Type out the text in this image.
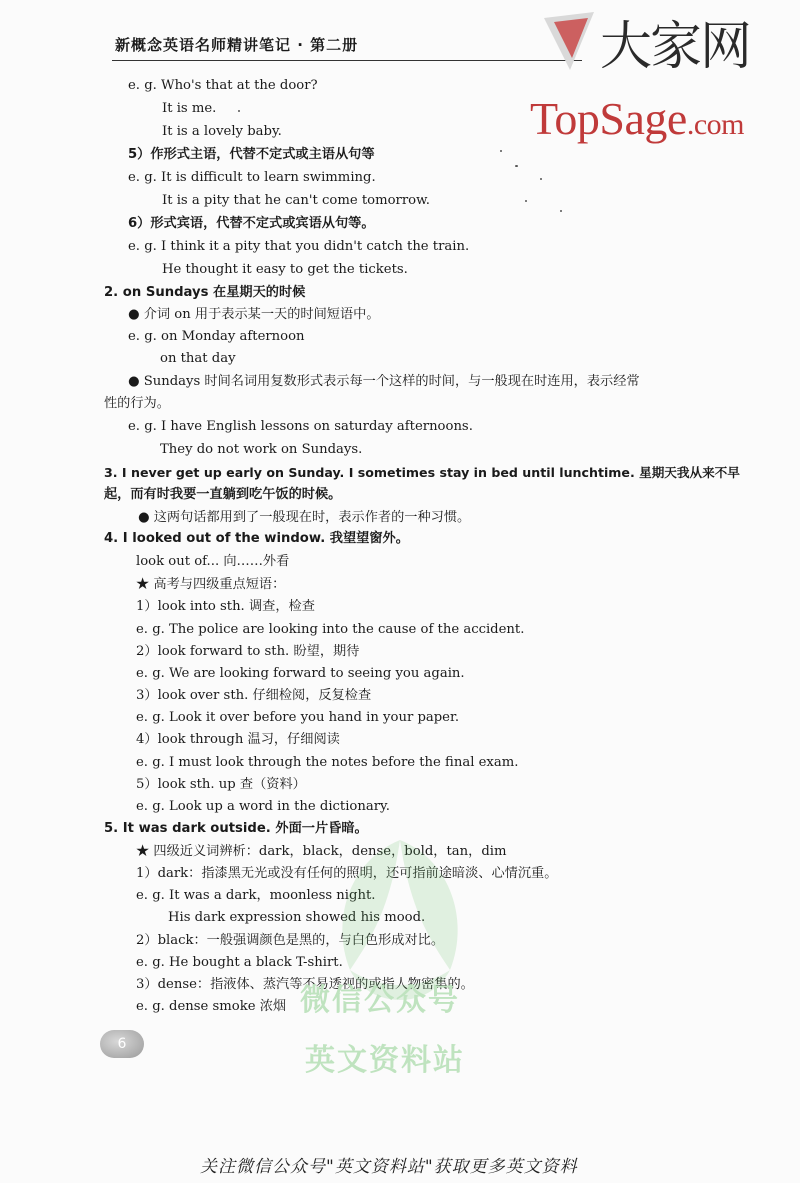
新概念英语名师精讲笔记 · 第二册	大家网
TopSage.com
e. g. Who's that at the door?
It is me.
It is a lovely baby.
5）作形式主语，代替不定式或主语从句等
e. g. It is difficult to learn swimming.
It is a pity that he can't come tomorrow.
6）形式宾语，代替不定式或宾语从句等。
e. g. I think it a pity that you didn't catch the train.
He thought it easy to get the tickets.
2. on Sundays 在星期天的时候
● 介词 on 用于表示某一天的时间短语中。
e. g. on Monday afternoon
on that day
● Sundays 时间名词用复数形式表示每一个这样的时间，与一般现在时连用，表示经常
性的行为。
e. g. I have English lessons on saturday afternoons.
They do not work on Sundays.
3. I never get up early on Sunday. I sometimes stay in bed until lunchtime. 星期天我从来不早
起，而有时我要一直躺到吃午饭的时候。
● 这两句话都用到了一般现在时，表示作者的一种习惯。
4. I looked out of the window. 我望望窗外。
look out of... 向……外看
★ 高考与四级重点短语：
1）look into sth. 调查，检查
e. g. The police are looking into the cause of the accident.
2）look forward to sth. 盼望，期待
e. g. We are looking forward to seeing you again.
3）look over sth. 仔细检阅，反复检查
e. g. Look it over before you hand in your paper.
4）look through 温习，仔细阅读
e. g. I must look through the notes before the final exam.
5）look sth. up 查（资料）
e. g. Look up a word in the dictionary.
5. It was dark outside. 外面一片昏暗。
★ 四级近义词辨析：dark，black，dense，bold，tan，dim
1）dark：指漆黑无光或没有任何的照明，还可指前途暗淡、心情沉重。
e. g. It was a dark，moonless night.
His dark expression showed his mood.
2）black：一般强调颜色是黑的，与白色形成对比。
e. g. He bought a black T-shirt.
3）dense：指液体、蒸汽等不易透视的或指人物密集的。
e. g. dense smoke 浓烟 微信公众号
英文资料站
6
关注微信公众号"英文资料站"获取更多英文资料
